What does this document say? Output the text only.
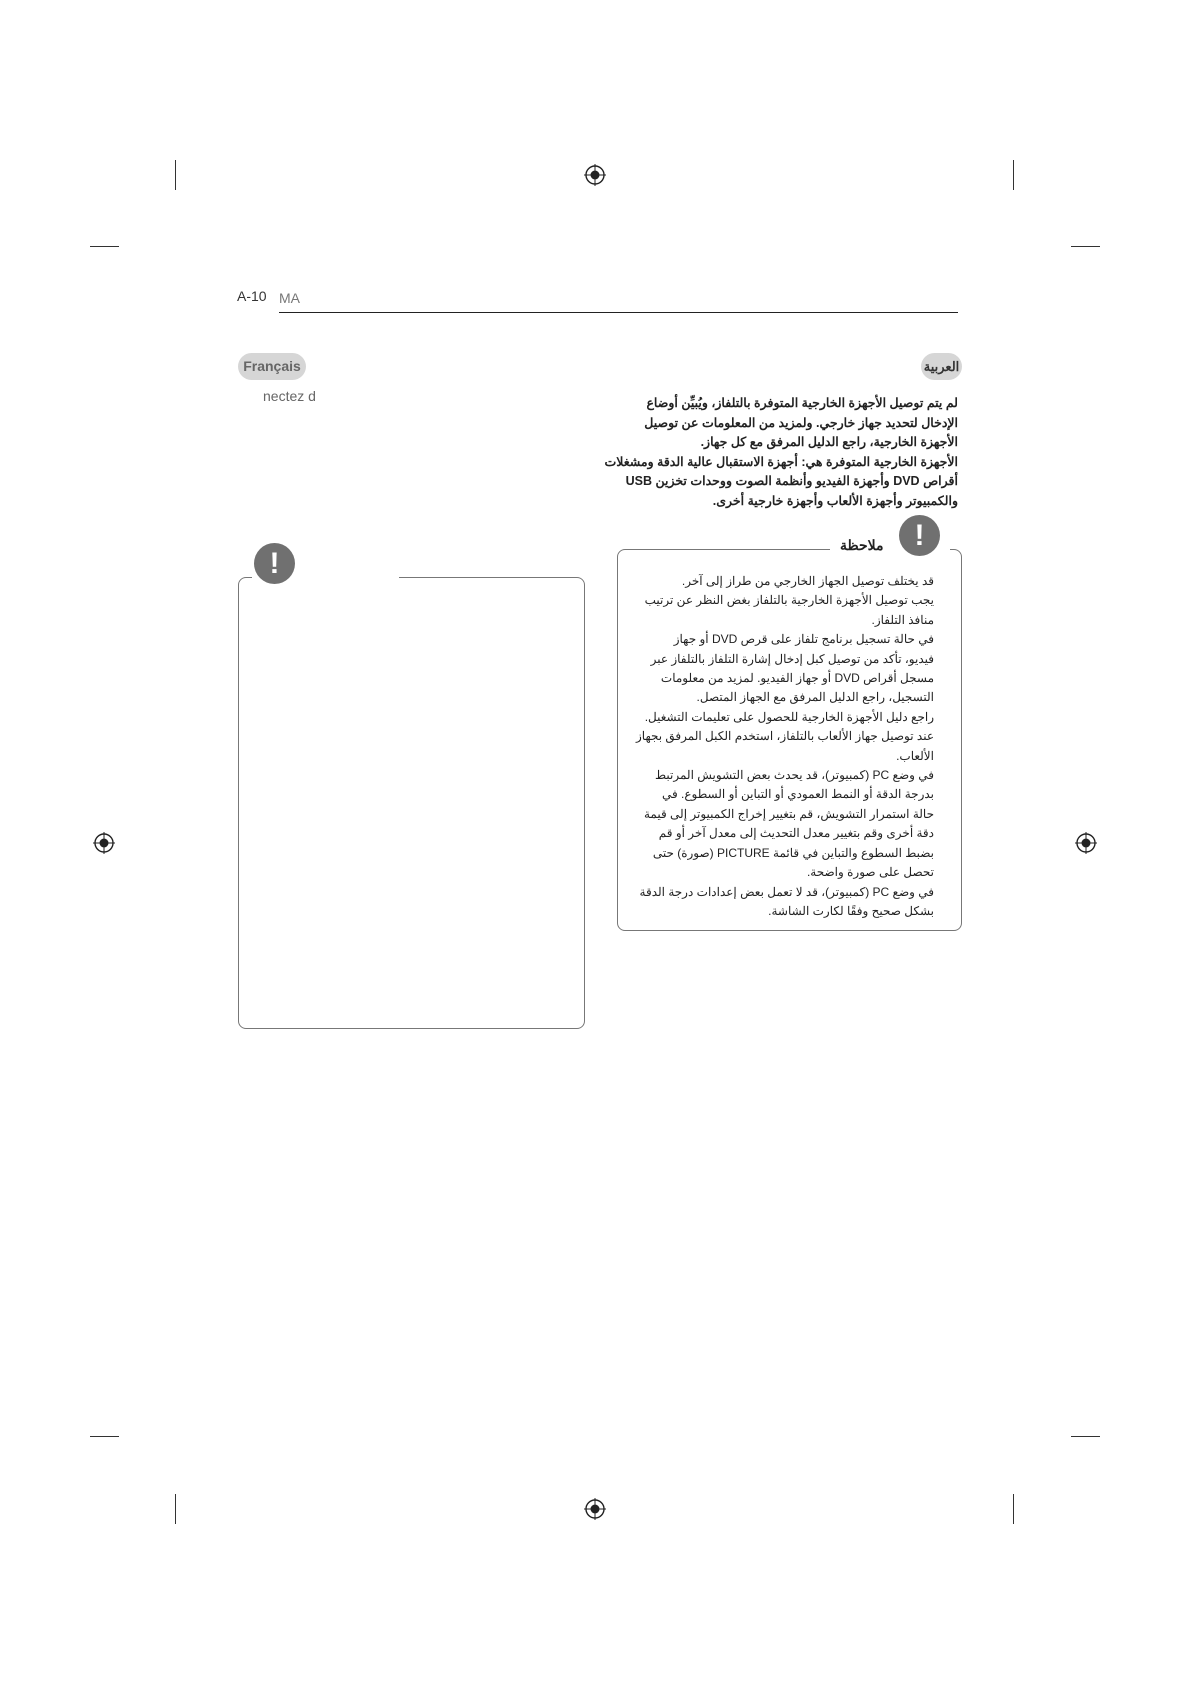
A-10 MA
Français
nectez d
!
العربية
لم يتم توصيل الأجهزة الخارجية المتوفرة بالتلفاز، ويُبيِّن أوضاع
الإدخال لتحديد جهاز خارجي. ولمزيد من المعلومات عن توصيل
الأجهزة الخارجية، راجع الدليل المرفق مع كل جهاز.
الأجهزة الخارجية المتوفرة هي: أجهزة الاستقبال عالية الدقة ومشغلات
أقراص DVD وأجهزة الفيديو وأنظمة الصوت ووحدات تخزين USB
والكمبيوتر وأجهزة الألعاب وأجهزة خارجية أخرى.
!
ملاحظة
قد يختلف توصيل الجهاز الخارجي من طراز إلى آخر.
يجب توصيل الأجهزة الخارجية بالتلفاز بغض النظر عن ترتيب
منافذ التلفاز.
في حالة تسجيل برنامج تلفاز على قرص DVD أو جهاز
فيديو، تأكد من توصيل كبل إدخال إشارة التلفاز بالتلفاز عبر
مسجل أقراص DVD أو جهاز الفيديو. لمزيد من معلومات
التسجيل، راجع الدليل المرفق مع الجهاز المتصل.
راجع دليل الأجهزة الخارجية للحصول على تعليمات التشغيل.
عند توصيل جهاز الألعاب بالتلفاز، استخدم الكبل المرفق بجهاز
الألعاب.
في وضع PC (كمبيوتر)، قد يحدث بعض التشويش المرتبط
بدرجة الدقة أو النمط العمودي أو التباين أو السطوع. في
حالة استمرار التشويش، قم بتغيير إخراج الكمبيوتر إلى قيمة
دقة أخرى وقم بتغيير معدل التحديث إلى معدل آخر أو قم
بضبط السطوع والتباين في قائمة PICTURE (صورة) حتى
تحصل على صورة واضحة.
في وضع PC (كمبيوتر)، قد لا تعمل بعض إعدادات درجة الدقة
بشكل صحيح وفقًا لكارت الشاشة.
